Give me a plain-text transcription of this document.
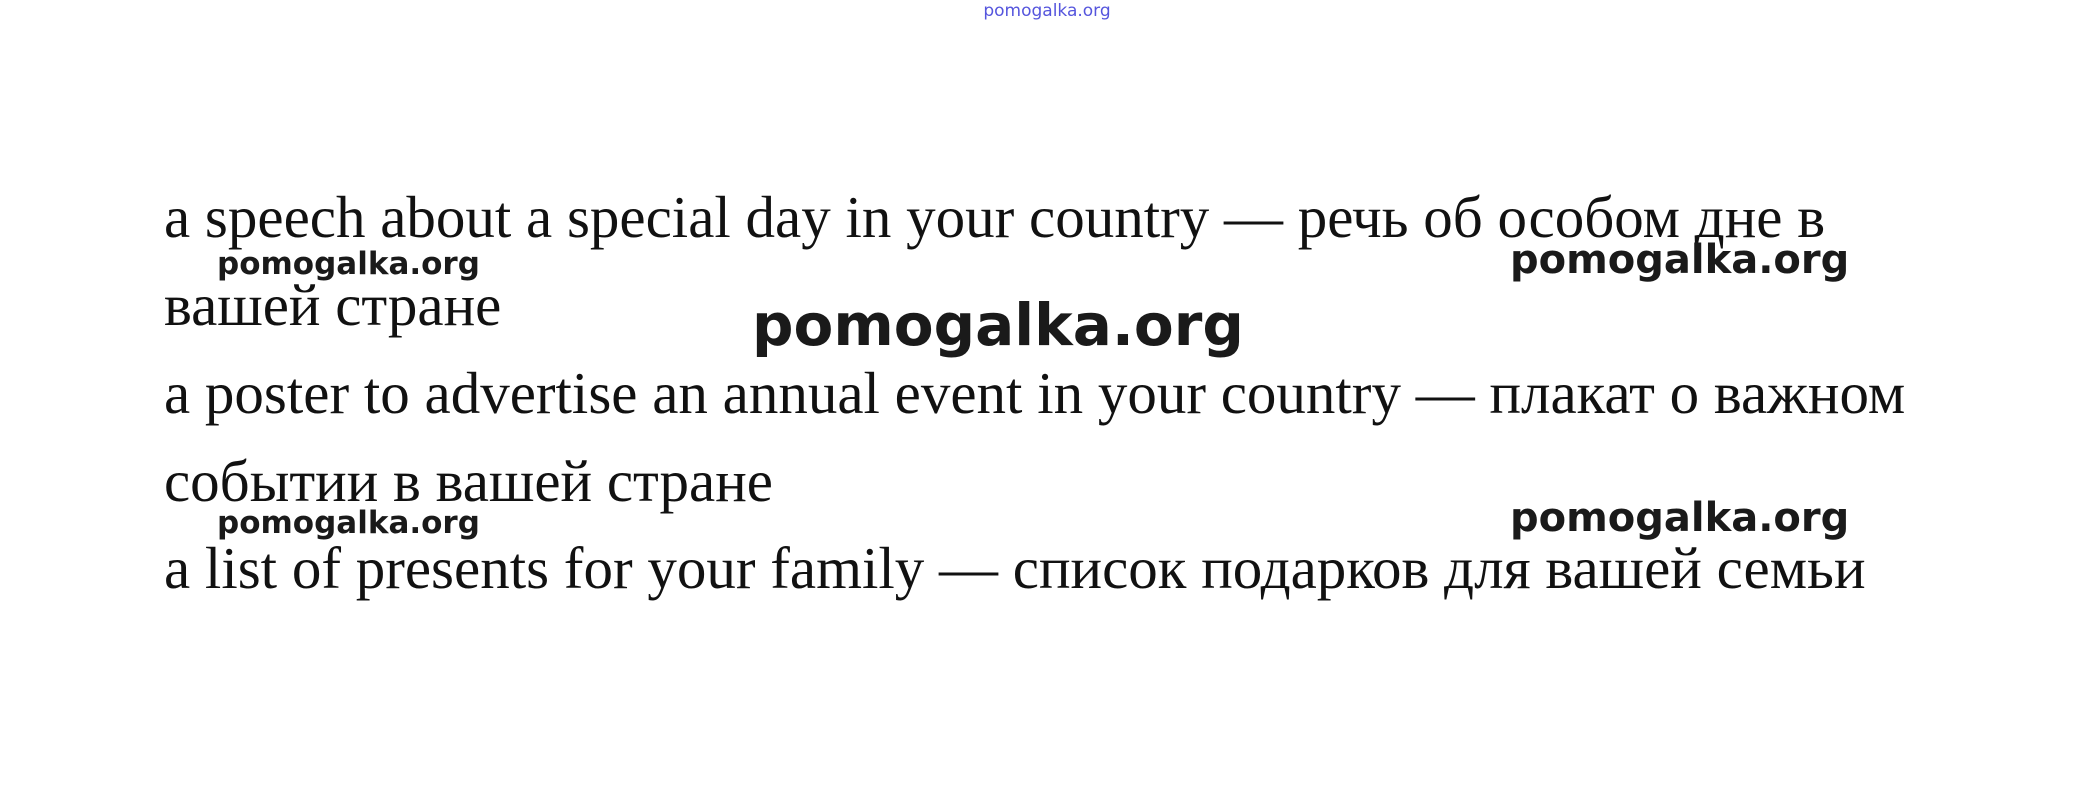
pomogalka.org
a speech about a special day in your country — речь об особом дне в
вашей стране
a poster to advertise an annual event in your country — плакат о важном
событии в вашей стране
a list of presents for your family — список подарков для вашей семьи
pomogalka.org	pomogalka.org
pomogalka.org
pomogalka.org	pomogalka.org
